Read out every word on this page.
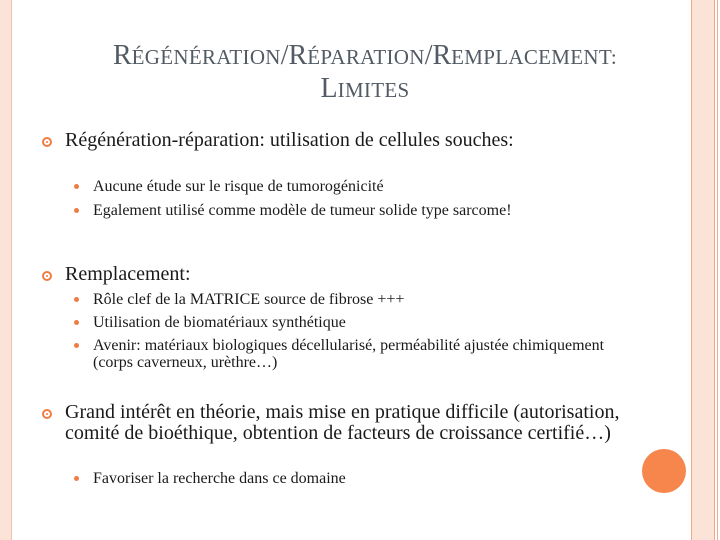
RÉGÉNÉRATION/RÉPARATION/REMPLACEMENT:
LIMITES
Régénération-réparation: utilisation de cellules souches:
Aucune étude sur le risque de tumorogénicité
Egalement utilisé comme modèle de tumeur solide type sarcome!
Remplacement:
Rôle clef de la MATRICE source de fibrose +++
Utilisation de biomatériaux synthétique
Avenir: matériaux biologiques décellularisé, perméabilité ajustée chimiquement (corps caverneux, urèthre…)
Grand intérêt en théorie, mais mise en pratique difficile (autorisation, comité de bioéthique, obtention de facteurs de croissance certifié…)
Favoriser la recherche dans ce domaine
